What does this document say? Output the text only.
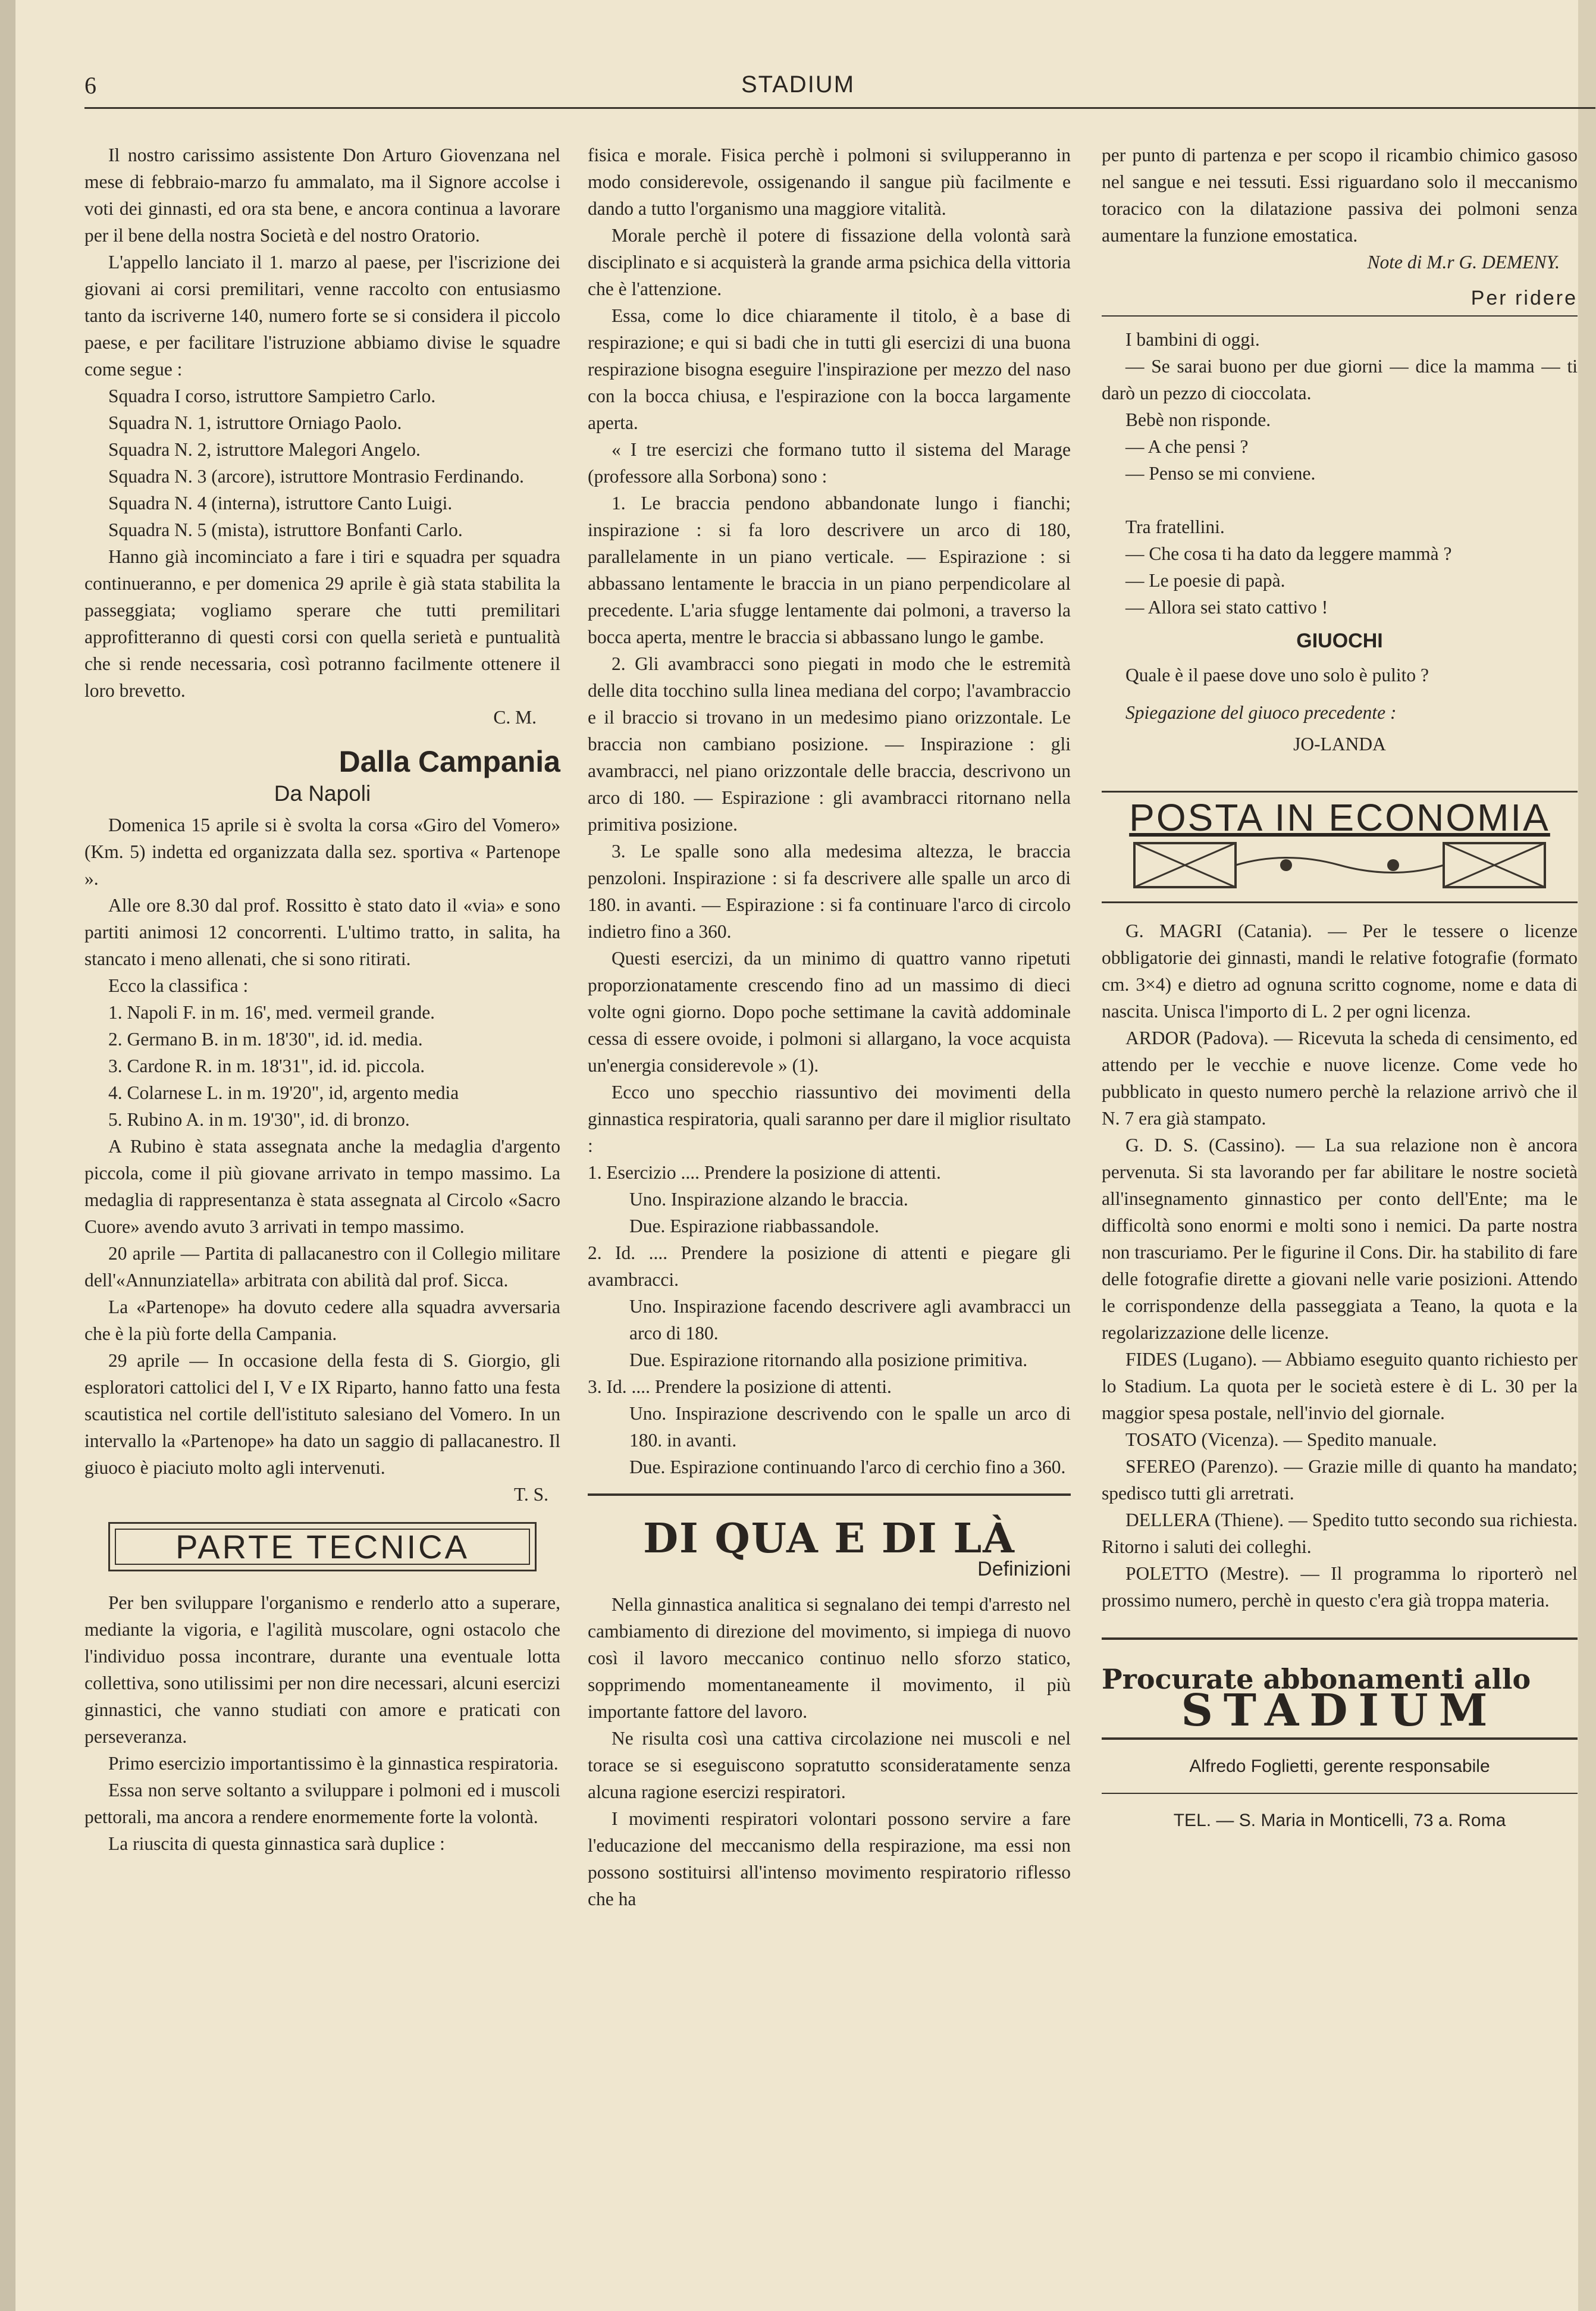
6	STADIUM

Il nostro carissimo assistente Don Arturo Giovenzana nel mese di febbraio-marzo fu ammalato, ma il Signore accolse i voti dei ginnasti, ed ora sta bene, e ancora continua a lavorare per il bene della nostra Società e del nostro Oratorio.

L'appello lanciato il 1. marzo al paese, per l'iscrizione dei giovani ai corsi premilitari, venne raccolto con entusiasmo tanto da iscriverne 140, numero forte se si considera il piccolo paese, e per facilitare l'istruzione abbiamo divise le squadre come segue :

Squadra I corso, istruttore Sampietro Carlo.

Squadra N. 1, istruttore Orniago Paolo.

Squadra N. 2, istruttore Malegori Angelo.

Squadra N. 3 (arcore), istruttore Montrasio Ferdinando.

Squadra N. 4 (interna), istruttore Canto Luigi.

Squadra N. 5 (mista), istruttore Bonfanti Carlo.

Hanno già incominciato a fare i tiri e squadra per squadra continueranno, e per domenica 29 aprile è già stata stabilita la passeggiata; vogliamo sperare che tutti premilitari approfitteranno di questi corsi con quella serietà e puntualità che si rende necessaria, così potranno facilmente ottenere il loro brevetto.

C. M.

Dalla Campania
Da Napoli

Domenica 15 aprile si è svolta la corsa «Giro del Vomero» (Km. 5) indetta ed organizzata dalla sez. sportiva « Partenope ».

Alle ore 8.30 dal prof. Rossitto è stato dato il «via» e sono partiti animosi 12 concorrenti. L'ultimo tratto, in salita, ha stancato i meno allenati, che si sono ritirati.

Ecco la classifica :

1. Napoli F. in m. 16', med. vermeil grande.

2. Germano B. in m. 18'30", id. id. media.

3. Cardone R. in m. 18'31", id. id. piccola.

4. Colarnese L. in m. 19'20", id, argento media

5. Rubino A. in m. 19'30", id. di bronzo.

A Rubino è stata assegnata anche la medaglia d'argento piccola, come il più giovane arrivato in tempo massimo. La medaglia di rappresentanza è stata assegnata al Circolo «Sacro Cuore» avendo avuto 3 arrivati in tempo massimo.

20 aprile — Partita di pallacanestro con il Collegio militare dell'«Annunziatella» arbitrata con abilità dal prof. Sicca.

La «Partenope» ha dovuto cedere alla squadra avversaria che è la più forte della Campania.

29 aprile — In occasione della festa di S. Giorgio, gli esploratori cattolici del I, V e IX Riparto, hanno fatto una festa scautistica nel cortile dell'istituto salesiano del Vomero. In un intervallo la «Partenope» ha dato un saggio di pallacanestro. Il giuoco è piaciuto molto agli intervenuti.

T. S.

PARTE TECNICA

Per ben sviluppare l'organismo e renderlo atto a superare, mediante la vigoria, e l'agilità muscolare, ogni ostacolo che l'individuo possa incontrare, durante una eventuale lotta collettiva, sono utilissimi per non dire necessari, alcuni esercizi ginnastici, che vanno studiati con amore e praticati con perseveranza.

Primo esercizio importantissimo è la ginnastica respiratoria.

Essa non serve soltanto a sviluppare i polmoni ed i muscoli pettorali, ma ancora a rendere enormemente forte la volontà.

La riuscita di questa ginnastica sarà duplice :

fisica e morale. Fisica perchè i polmoni si svilupperanno in modo considerevole, ossigenando il sangue più facilmente e dando a tutto l'organismo una maggiore vitalità.

Morale perchè il potere di fissazione della volontà sarà disciplinato e si acquisterà la grande arma psichica della vittoria che è l'attenzione.

Essa, come lo dice chiaramente il titolo, è a base di respirazione; e qui si badi che in tutti gli esercizi di una buona respirazione bisogna eseguire l'inspirazione per mezzo del naso con la bocca chiusa, e l'espirazione con la bocca largamente aperta.

« I tre esercizi che formano tutto il sistema del Marage (professore alla Sorbona) sono :

1. Le braccia pendono abbandonate lungo i fianchi; inspirazione : si fa loro descrivere un arco di 180, parallelamente in un piano verticale. — Espirazione : si abbassano lentamente le braccia in un piano perpendicolare al precedente. L'aria sfugge lentamente dai polmoni, a traverso la bocca aperta, mentre le braccia si abbassano lungo le gambe.

2. Gli avambracci sono piegati in modo che le estremità delle dita tocchino sulla linea mediana del corpo; l'avambraccio e il braccio si trovano in un medesimo piano orizzontale. Le braccia non cambiano posizione. — Inspirazione : gli avambracci, nel piano orizzontale delle braccia, descrivono un arco di 180. — Espirazione : gli avambracci ritornano nella primitiva posizione.

3. Le spalle sono alla medesima altezza, le braccia penzoloni. Inspirazione : si fa descrivere alle spalle un arco di 180. in avanti. — Espirazione : si fa continuare l'arco di circolo indietro fino a 360.

Questi esercizi, da un minimo di quattro vanno ripetuti proporzionatamente crescendo fino ad un massimo di dieci volte ogni giorno. Dopo poche settimane la cavità addominale cessa di essere ovoide, i polmoni si allargano, la voce acquista un'energia considerevole » (1).

Ecco uno specchio riassuntivo dei movimenti della ginnastica respiratoria, quali saranno per dare il miglior risultato :

1. Esercizio .... Prendere la posizione di attenti.
Uno. Inspirazione alzando le braccia.
Due. Espirazione riabbassandole.
2. Id. .... Prendere la posizione di attenti e piegare gli avambracci.
Uno. Inspirazione facendo descrivere agli avambracci un arco di 180.
Due. Espirazione ritornando alla posizione primitiva.
3. Id. .... Prendere la posizione di attenti.
Uno. Inspirazione descrivendo con le spalle un arco di 180. in avanti.
Due. Espirazione continuando l'arco di cerchio fino a 360.
DI QUA E DI LÀ
Definizioni

Nella ginnastica analitica si segnalano dei tempi d'arresto nel cambiamento di direzione del movimento, si impiega di nuovo così il lavoro meccanico continuo nello sforzo statico, sopprimendo momentaneamente il movimento, il più importante fattore del lavoro.

Ne risulta così una cattiva circolazione nei muscoli e nel torace se si eseguiscono sopratutto sconsideratamente senza alcuna ragione esercizi respiratori.

I movimenti respiratori volontari possono servire a fare l'educazione del meccanismo della respirazione, ma essi non possono sostituirsi all'intenso movimento respiratorio riflesso che ha

per punto di partenza e per scopo il ricambio chimico gasoso nel sangue e nei tessuti. Essi riguardano solo il meccanismo toracico con la dilatazione passiva dei polmoni senza aumentare la funzione emostatica.

Note di M.r G. DEMENY.

Per ridere

I bambini di oggi.

— Se sarai buono per due giorni — dice la mamma — ti darò un pezzo di cioccolata.

Bebè non risponde.

— A che pensi ?

— Penso se mi conviene.

Tra fratellini.

— Che cosa ti ha dato da leggere mammà ?

— Le poesie di papà.

— Allora sei stato cattivo !

GIUOCHI

Quale è il paese dove uno solo è pulito ?

Spiegazione del giuoco precedente :

JO-LANDA

POSTA IN ECONOMIA

G. MAGRI (Catania). — Per le tessere o licenze obbligatorie dei ginnasti, mandi le relative fotografie (formato cm. 3×4) e dietro ad ognuna scritto cognome, nome e data di nascita. Unisca l'importo di L. 2 per ogni licenza.

ARDOR (Padova). — Ricevuta la scheda di censimento, ed attendo per le vecchie e nuove licenze. Come vede ho pubblicato in questo numero perchè la relazione arrivò che il N. 7 era già stampato.

G. D. S. (Cassino). — La sua relazione non è ancora pervenuta. Si sta lavorando per far abilitare le nostre società all'insegnamento ginnastico per conto dell'Ente; ma le difficoltà sono enormi e molti sono i nemici. Da parte nostra non trascuriamo. Per le figurine il Cons. Dir. ha stabilito di fare delle fotografie dirette a giovani nelle varie posizioni. Attendo le corrispondenze della passeggiata a Teano, la quota e la regolarizzazione delle licenze.

FIDES (Lugano). — Abbiamo eseguito quanto richiesto per lo Stadium. La quota per le società estere è di L. 30 per la maggior spesa postale, nell'invio del giornale.

TOSATO (Vicenza). — Spedito manuale.

SFEREO (Parenzo). — Grazie mille di quanto ha mandato; spedisco tutti gli arretrati.

DELLERA (Thiene). — Spedito tutto secondo sua richiesta. Ritorno i saluti dei colleghi.

POLETTO (Mestre). — Il programma lo riporterò nel prossimo numero, perchè in questo c'era già troppa materia.

Procurate abbonamenti allo
STADIUM
Alfredo Foglietti, gerente responsabile
TEL. — S. Maria in Monticelli, 73 a. Roma
